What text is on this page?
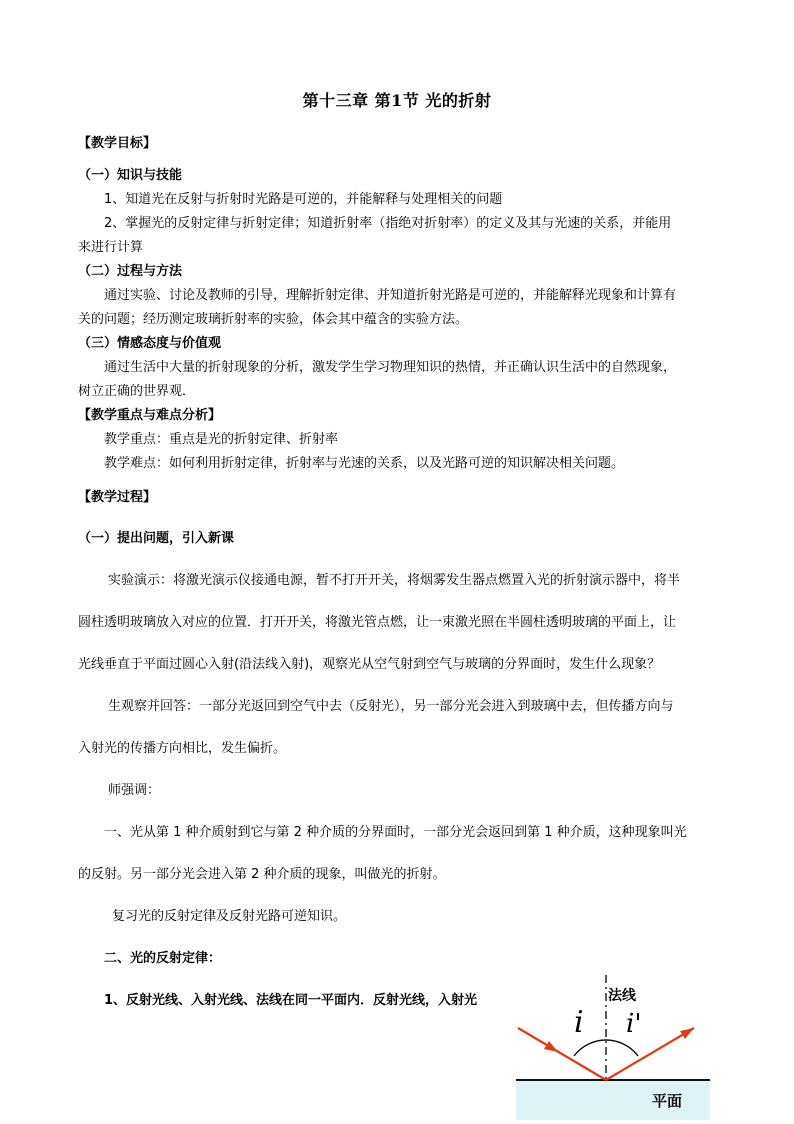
第十三章 第1节 光的折射
【教学目标】
（一）知识与技能
1、知道光在反射与折射时光路是可逆的，并能解释与处理相关的问题
2、掌握光的反射定律与折射定律；知道折射率（指绝对折射率）的定义及其与光速的关系，并能用
来进行计算
（二）过程与方法
通过实验、讨论及教师的引导，理解折射定律、并知道折射光路是可逆的，并能解释光现象和计算有
关的问题；经历测定玻璃折射率的实验，体会其中蕴含的实验方法。
（三）情感态度与价值观
通过生活中大量的折射现象的分析，激发学生学习物理知识的热情，并正确认识生活中的自然现象，
树立正确的世界观．
【教学重点与难点分析】
教学重点：重点是光的折射定律、折射率
教学难点：如何利用折射定律，折射率与光速的关系，以及光路可逆的知识解决相关问题。
【教学过程】
（一）提出问题，引入新课
实验演示：将激光演示仪接通电源，暂不打开开关，将烟雾发生器点燃置入光的折射演示器中，将半
圆柱透明玻璃放入对应的位置．打开开关，将激光管点燃，让一束激光照在半圆柱透明玻璃的平面上，让
光线垂直于平面过圆心入射(沿法线入射)，观察光从空气射到空气与玻璃的分界面时，发生什么现象？
生观察并回答：一部分光返回到空气中去（反射光），另一部分光会进入到玻璃中去，但传播方向与
入射光的传播方向相比，发生偏折。
师强调：
一、光从第 1 种介质射到它与第 2 种介质的分界面时，一部分光会返回到第 1 种介质，这种现象叫光
的反射。另一部分光会进入第 2 种介质的现象，叫做光的折射。
复习光的反射定律及反射光路可逆知识。
二、光的反射定律：
1、反射光线、入射光线、法线在同一平面内．反射光线，入射光	法线
i i'
平面
